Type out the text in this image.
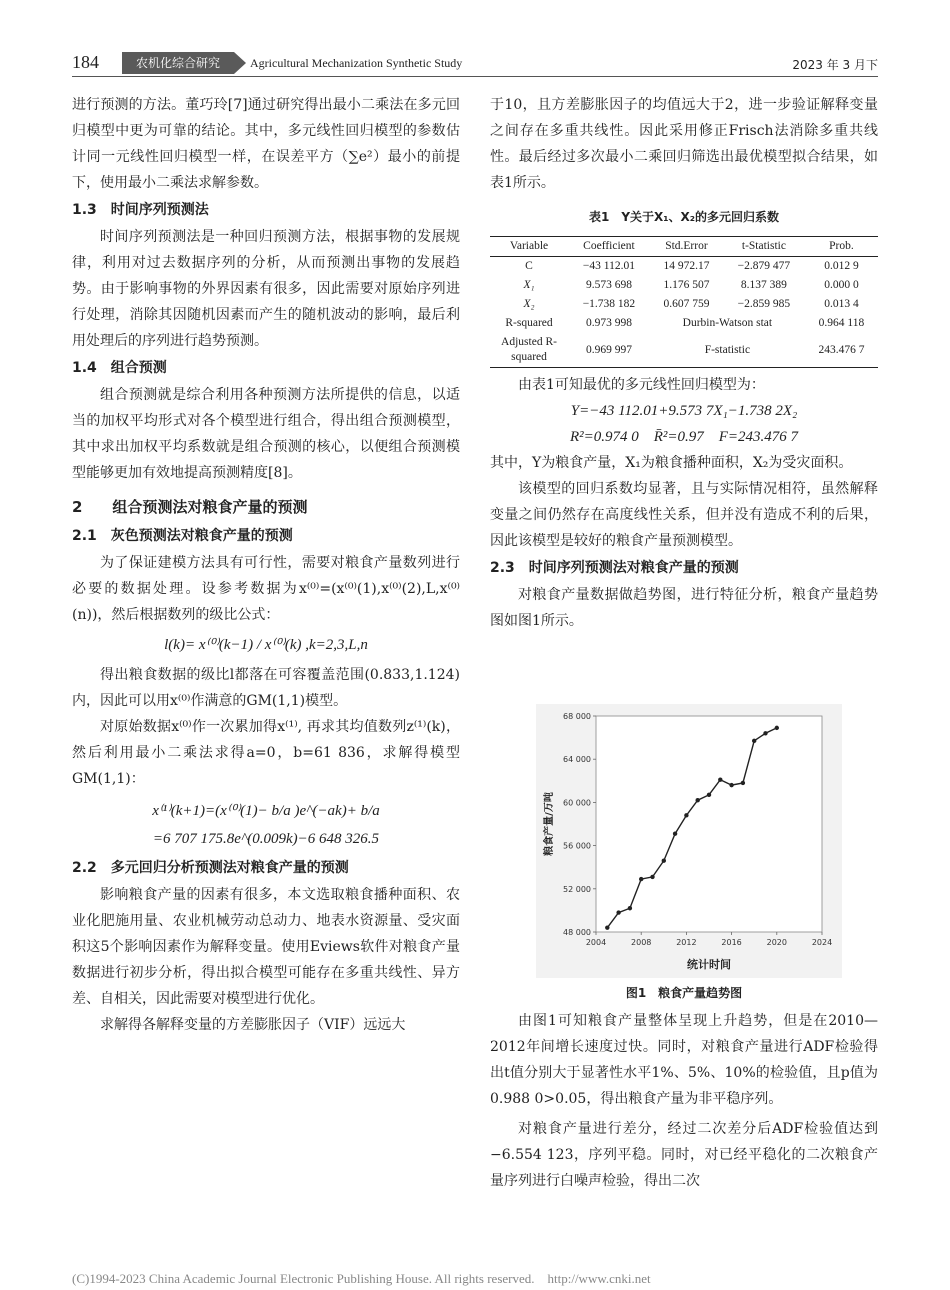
184	农机化综合研究	Agricultural Mechanization Synthetic Study	2023 年 3 月下

进行预测的方法。董巧玲[7]通过研究得出最小二乘法在多元回归模型中更为可靠的结论。其中，多元线性回归模型的参数估计同一元线性回归模型一样，在误差平方（∑e²）最小的前提下，使用最小二乘法求解参数。

1.3　时间序列预测法

时间序列预测法是一种回归预测方法，根据事物的发展规律，利用对过去数据序列的分析，从而预测出事物的发展趋势。由于影响事物的外界因素有很多，因此需要对原始序列进行处理，消除其因随机因素而产生的随机波动的影响，最后利用处理后的序列进行趋势预测。

1.4　组合预测

组合预测就是综合利用各种预测方法所提供的信息，以适当的加权平均形式对各个模型进行组合，得出组合预测模型，其中求出加权平均系数就是组合预测的核心，以便组合预测模型能够更加有效地提高预测精度[8]。

2　　组合预测法对粮食产量的预测
2.1　灰色预测法对粮食产量的预测

为了保证建模方法具有可行性，需要对粮食产量数列进行必要的数据处理。设参考数据为x⁽⁰⁾=(x⁽⁰⁾(1),x⁽⁰⁾(2),L,x⁽⁰⁾(n))，然后根据数列的级比公式：

l(k)= x⁽⁰⁾(k−1) / x⁽⁰⁾(k) ,k=2,3,L,n

得出粮食数据的级比l都落在可容覆盖范围(0.833,1.124)内，因此可以用x⁽⁰⁾作满意的GM(1,1)模型。

对原始数据x⁽⁰⁾作一次累加得x⁽¹⁾, 再求其均值数列z⁽¹⁾(k)，然后利用最小二乘法求得a=0，b=61 836，求解得模型GM(1,1)：

x⁽¹⁾(k+1)=(x⁽⁰⁾(1)− b/a )e^(−ak)+ b/a
=6 707 175.8e^(0.009k)−6 648 326.5
2.2　多元回归分析预测法对粮食产量的预测

影响粮食产量的因素有很多，本文选取粮食播种面积、农业化肥施用量、农业机械劳动总动力、地表水资源量、受灾面积这5个影响因素作为解释变量。使用Eviews软件对粮食产量数据进行初步分析，得出拟合模型可能存在多重共线性、异方差、自相关，因此需要对模型进行优化。

求解得各解释变量的方差膨胀因子（VIF）远远大

于10，且方差膨胀因子的均值远大于2，进一步验证解释变量之间存在多重共线性。因此采用修正Frisch法消除多重共线性。最后经过多次最小二乘回归筛选出最优模型拟合结果，如表1所示。

表1　Y关于X₁、X₂的多元回归系数
Variable	Coefficient	Std.Error	t-Statistic	Prob.
C	−43 112.01	14 972.17	−2.879 477	0.012 9
X₁	9.573 698	1.176 507	8.137 389	0.000 0
X₂	−1.738 182	0.607 759	−2.859 985	0.013 4
R-squared	0.973 998	Durbin-Watson stat		0.964 118
Adjusted R-squared	0.969 997	F-statistic		243.476 7

由表1可知最优的多元线性回归模型为：

Y=−43 112.01+9.573 7X₁−1.738 2X₂
R²=0.974 0　R̄²=0.97　F=243.476 7

其中，Y为粮食产量，X₁为粮食播种面积，X₂为受灾面积。

该模型的回归系数均显著，且与实际情况相符，虽然解释变量之间仍然存在高度线性关系，但并没有造成不利的后果，因此该模型是较好的粮食产量预测模型。

2.3　时间序列预测法对粮食产量的预测

对粮食产量数据做趋势图，进行特征分析，粮食产量趋势图如图1所示。

48 000
52 000
56 000
60 000
64 000
68 000
2004	2008	2012	2016	2020	2024
统计时间
粮食产量/万吨
图1　粮食产量趋势图

由图1可知粮食产量整体呈现上升趋势，但是在2010—2012年间增长速度过快。同时，对粮食产量进行ADF检验得出t值分别大于显著性水平1%、5%、10%的检验值，且p值为0.988 0>0.05，得出粮食产量为非平稳序列。

对粮食产量进行差分，经过二次差分后ADF检验值达到−6.554 123，序列平稳。同时，对已经平稳化的二次粮食产量序列进行白噪声检验，得出二次

(C)1994-2023 China Academic Journal Electronic Publishing House. All rights reserved.　http://www.cnki.net
